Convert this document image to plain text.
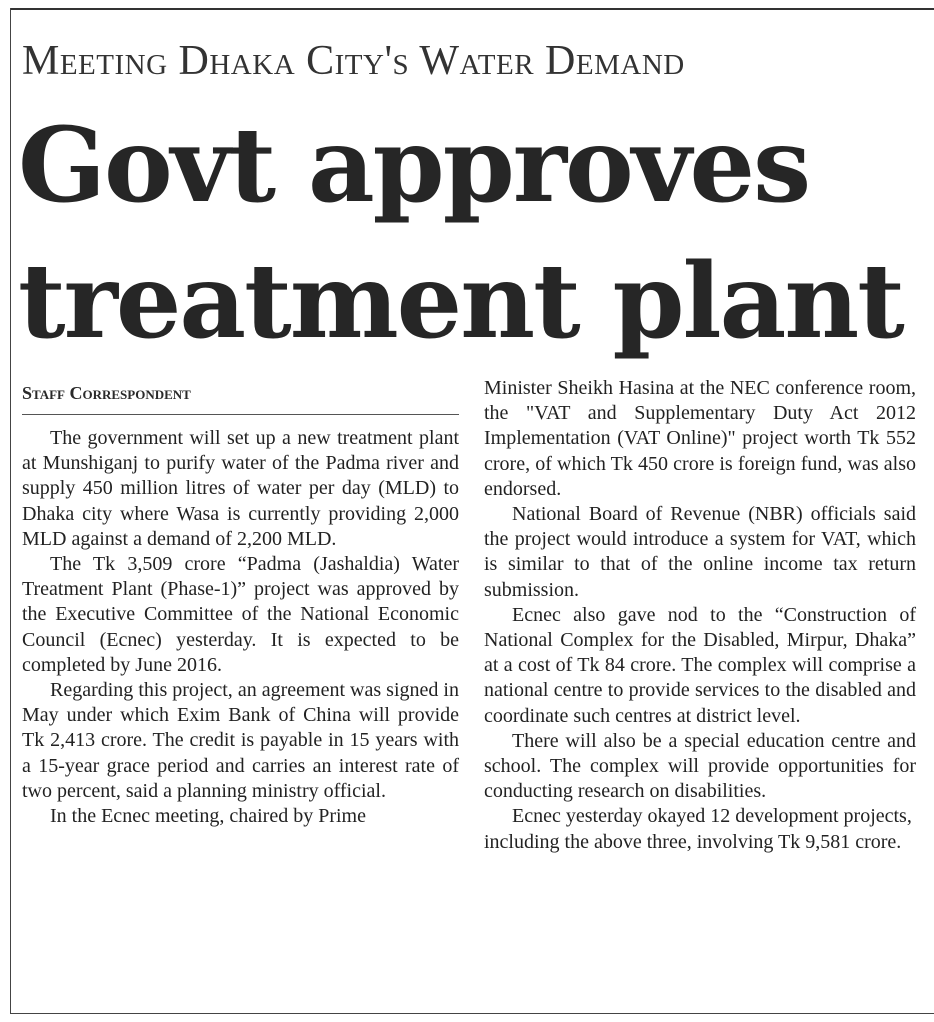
Meeting Dhaka City's Water Demand
Govt approves
treatment plant
Staff Correspondent

The government will set up a new treatment plant at Munshiganj to purify water of the Padma river and supply 450 million litres of water per day (MLD) to Dhaka city where Wasa is currently providing 2,000 MLD against a demand of 2,200 MLD.

The Tk 3,509 crore “Padma (Jashaldia) Water Treatment Plant (Phase-1)” project was approved by the Executive Committee of the National Economic Council (Ecnec) yesterday. It is expected to be completed by June 2016.

Regarding this project, an agreement was signed in May under which Exim Bank of China will provide Tk 2,413 crore. The credit is payable in 15 years with a 15-year grace period and carries an interest rate of two percent, said a planning ministry official.

In the Ecnec meeting, chaired by Prime

Minister Sheikh Hasina at the NEC conference room, the "VAT and Supplementary Duty Act 2012 Implementation (VAT Online)" project worth Tk 552 crore, of which Tk 450 crore is foreign fund, was also endorsed.

National Board of Revenue (NBR) officials said the project would introduce a system for VAT, which is similar to that of the online income tax return submission.

Ecnec also gave nod to the “Construction of National Complex for the Disabled, Mirpur, Dhaka” at a cost of Tk 84 crore. The complex will comprise a national centre to provide services to the disabled and coordinate such centres at district level.

There will also be a special education centre and school. The complex will provide opportunities for conducting research on disabilities.

Ecnec yesterday okayed 12 development projects, including the above three, involving Tk 9,581 crore.
